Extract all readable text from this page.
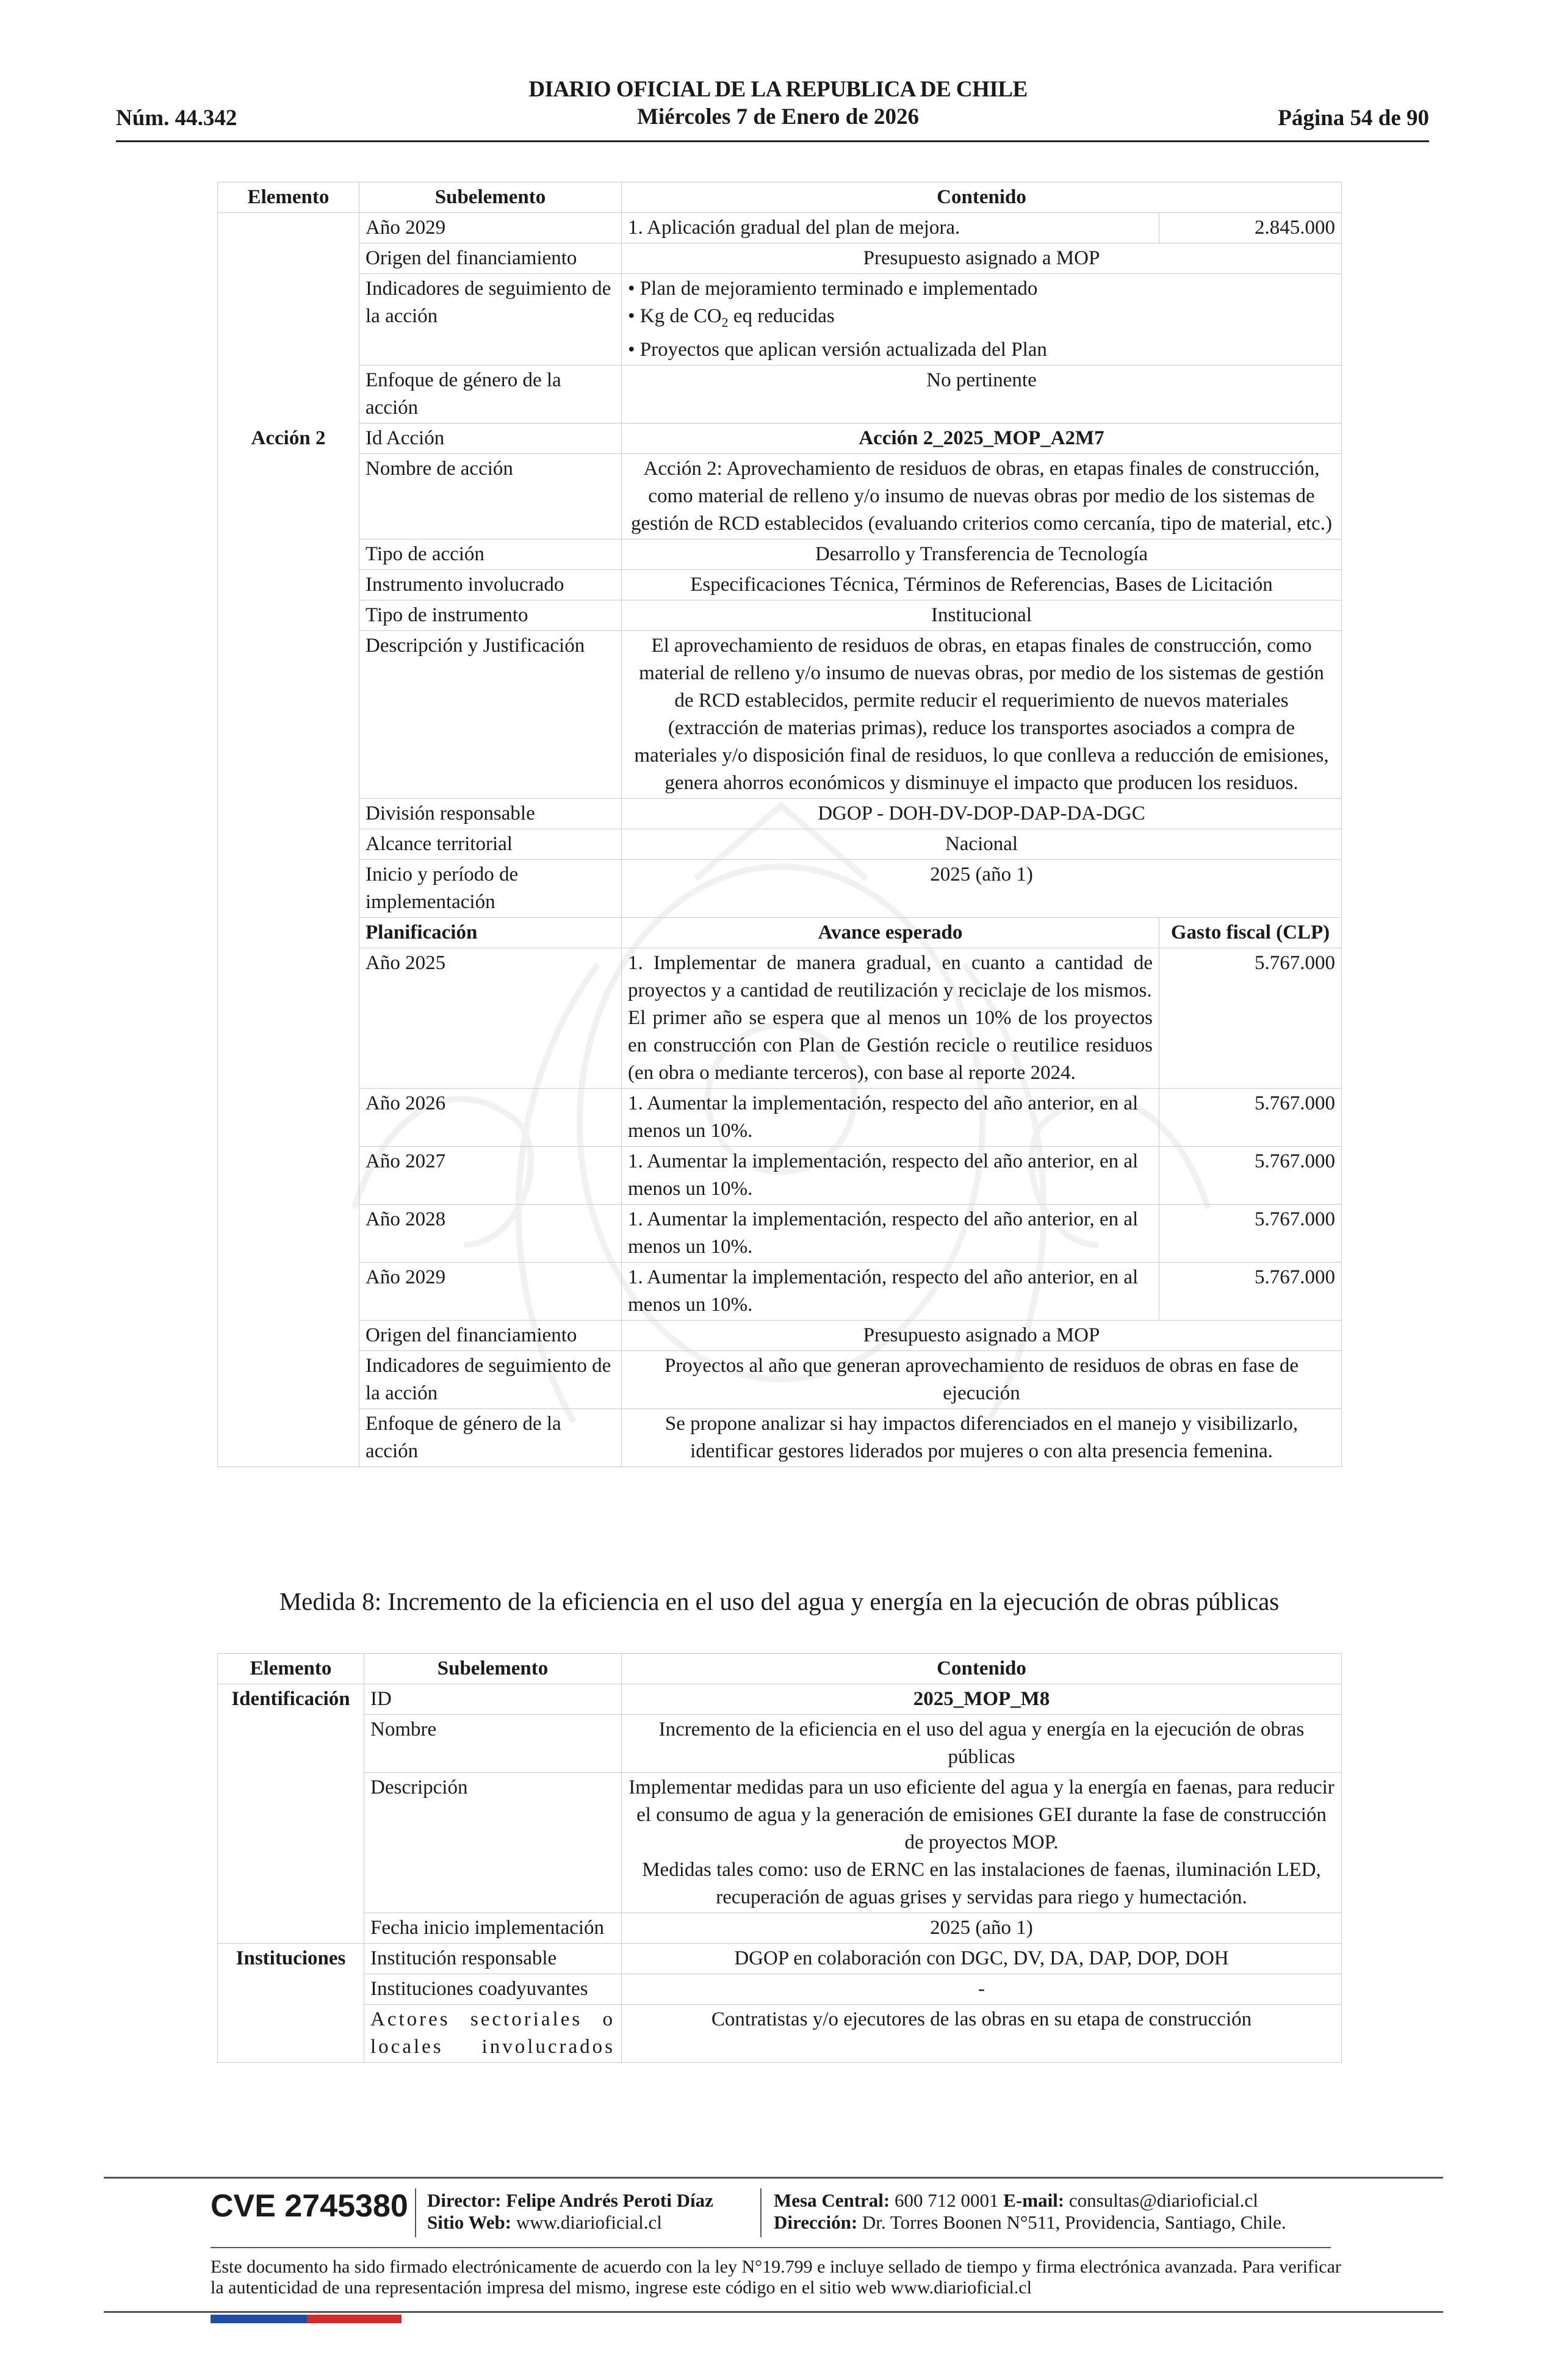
DIARIO OFICIAL DE LA REPUBLICA DE CHILE
Núm. 44.342	Miércoles 7 de Enero de 2026	Página 54 de 90
Elemento	Subelemento	Contenido	
	Año 2029	1. Aplicación gradual del plan de mejora.	2.845.000
	Origen del financiamiento	Presupuesto asignado a MOP	
	Indicadores de seguimiento de la acción	• Plan de mejoramiento terminado e implementado
• Kg de $CO_2$ eq reducidas
• Proyectos que aplican versión actualizada del Plan	

	Enfoque de género de la acción	No pertinente	
Acción 2	Id Acción	Acción 2_2025_MOP_A2M7	
	Nombre de acción	Acción 2: Aprovechamiento de residuos de obras, en etapas finales de construcción, como material de relleno y/o insumo de nuevas obras por medio de los sistemas de gestión de RCD establecidos (evaluando criterios como cercanía, tipo de material, etc.)	
	Tipo de acción	Desarrollo y Transferencia de Tecnología	
	Instrumento involucrado	Especificaciones Técnica, Términos de Referencias, Bases de Licitación	
	Tipo de instrumento	Institucional	
	Descripción y Justificación	El aprovechamiento de residuos de obras, en etapas finales de construcción, como material de relleno y/o insumo de nuevas obras, por medio de los sistemas de gestión de RCD establecidos, permite reducir el requerimiento de nuevos materiales (extracción de materias primas), reduce los transportes asociados a compra de materiales y/o disposición final de residuos, lo que conlleva a reducción de emisiones, genera ahorros económicos y disminuye el impacto que producen los residuos.	
	División responsable	DGOP - DOH-DV-DOP-DAP-DA-DGC	
	Alcance territorial	Nacional	
	Inicio y período de implementación	2025 (año 1)	
	Planificación	Avance esperado	Gasto fiscal (CLP)
	Año 2025	1. Implementar de manera gradual, en cuanto a cantidad de proyectos y a cantidad de reutilización y reciclaje de los mismos.
El primer año se espera que al menos un 10% de los proyectos en construcción con Plan de Gestión recicle o reutilice residuos (en obra o mediante terceros), con base al reporte 2024.	5.767.000
	Año 2026	1. Aumentar la implementación, respecto del año anterior, en al menos un 10%.	5.767.000
	Año 2027	1. Aumentar la implementación, respecto del año anterior, en al menos un 10%.	5.767.000
	Año 2028	1. Aumentar la implementación, respecto del año anterior, en al menos un 10%.	5.767.000
	Año 2029	1. Aumentar la implementación, respecto del año anterior, en al menos un 10%.	5.767.000
	Origen del financiamiento	Presupuesto asignado a MOP	
	Indicadores de seguimiento de la acción	Proyectos al año que generan aprovechamiento de residuos de obras en fase de ejecución	
	Enfoque de género de la acción	Se propone analizar si hay impactos diferenciados en el manejo y visibilizarlo, identificar gestores liderados por mujeres o con alta presencia femenina.	
Medida 8: Incremento de la eficiencia en el uso del agua y energía en la ejecución de obras públicas
Elemento	Subelemento	Contenido
Identificación	ID	2025_MOP_M8
	Nombre	Incremento de la eficiencia en el uso del agua y energía en la ejecución de obras públicas
	Descripción	Implementar medidas para un uso eficiente del agua y la energía en faenas, para reducir el consumo de agua y la generación de emisiones GEI durante la fase de construcción de proyectos MOP.
Medidas tales como: uso de ERNC en las instalaciones de faenas, iluminación LED, recuperación de aguas grises y servidas para riego y humectación.

	Fecha inicio implementación	2025 (año 1)
Instituciones	Institución responsable	DGOP en colaboración con DGC, DV, DA, DAP, DOP, DOH
	Instituciones coadyuvantes	-
	Actores sectoriales o locales involucrados	Contratistas y/o ejecutores de las obras en su etapa de construcción
CVE 2745380 Director: Felipe Andrés Peroti Díaz
Sitio Web: www.diarioficial.cl
Mesa Central: 600 712 0001 E-mail: consultas@diarioficial.cl
Dirección: Dr. Torres Boonen N°511, Providencia, Santiago, Chile.
Este documento ha sido firmado electrónicamente de acuerdo con la ley N°19.799 e incluye sellado de tiempo y firma electrónica avanzada. Para verificar la autenticidad de una representación impresa del mismo, ingrese este código en el sitio web www.diarioficial.cl
